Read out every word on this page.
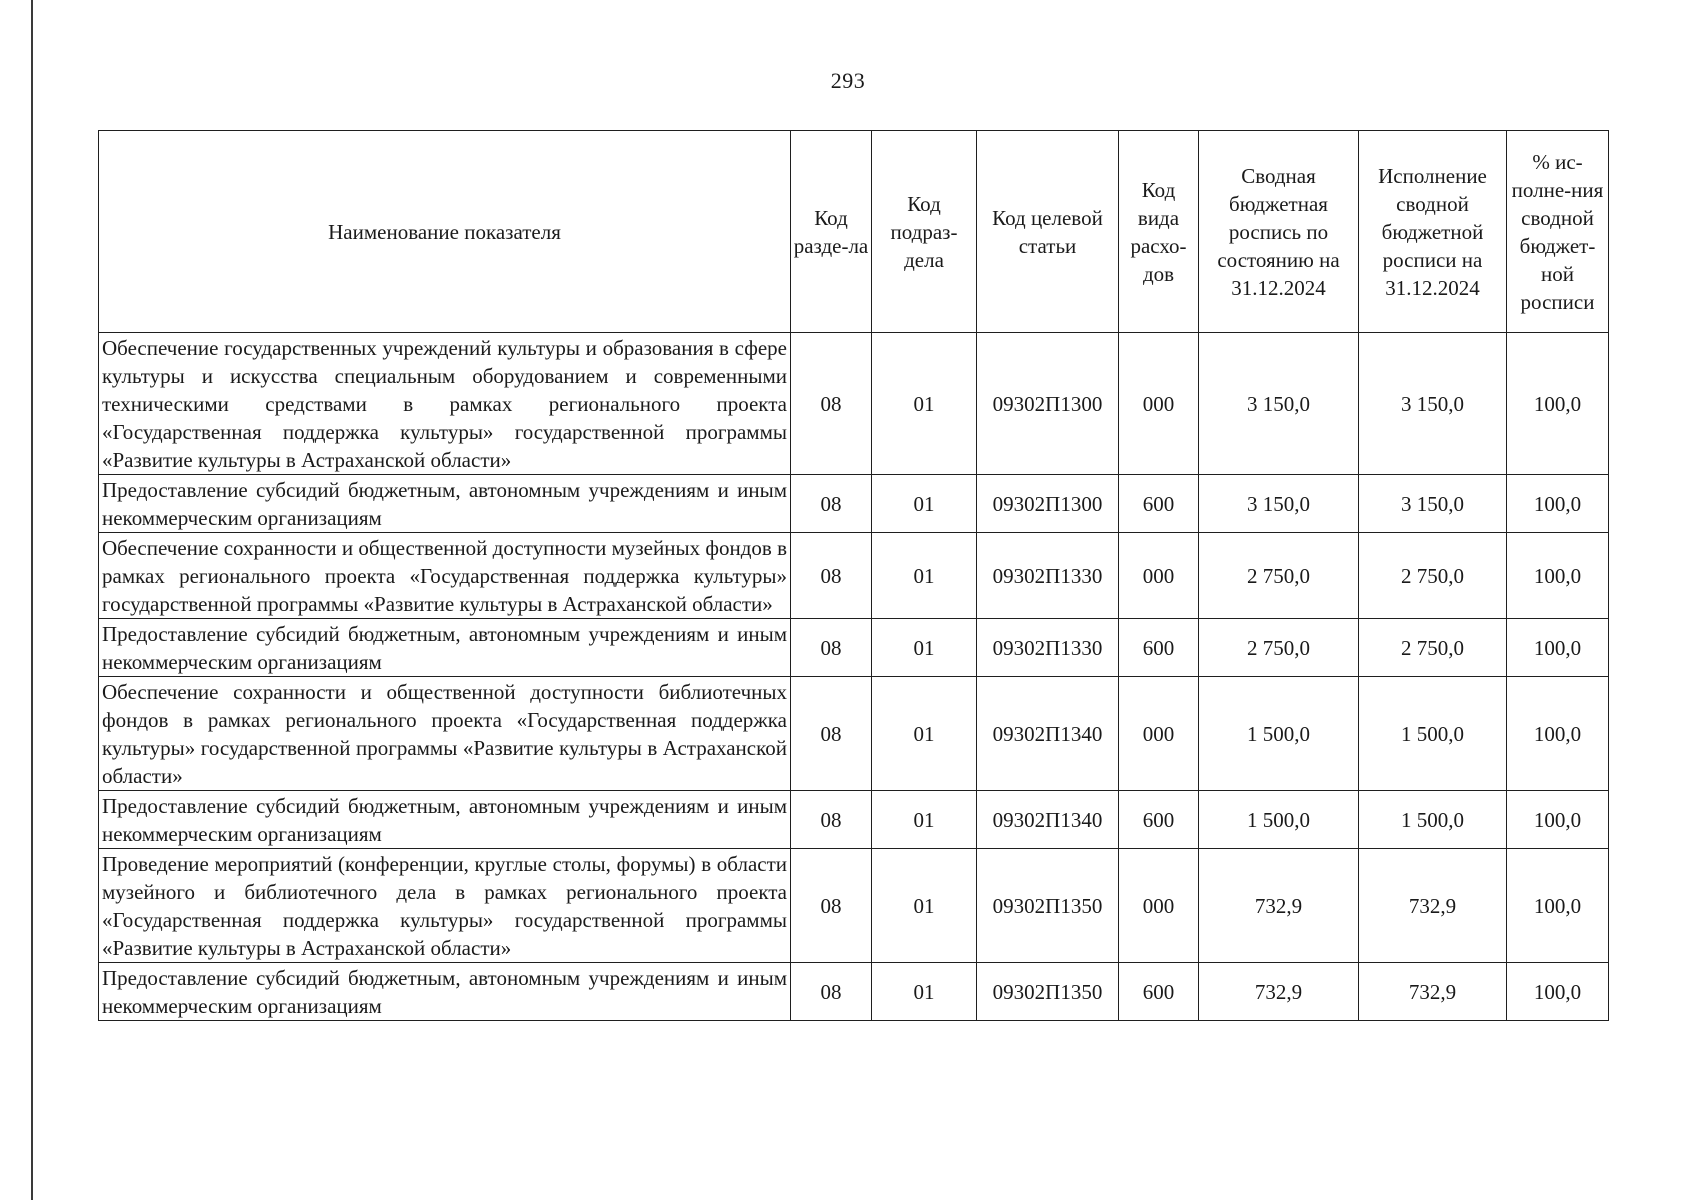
293
Наименование показателя	Код разде-ла	Код подраз-дела	Код целевой статьи	Код вида расхо-дов	Сводная бюджетная роспись по состоянию на 31.12.2024	Исполнение сводной бюджетной росписи на 31.12.2024	% ис-полне-ния сводной бюджет-ной росписи
Обеспечение государственных учреждений культуры и образования в сфере культуры и искусства специальным оборудованием и современными техническими средствами в рамках регионального проекта «Государственная поддержка культуры» государственной программы «Развитие культуры в Астраханской области»	08	01	09302П1300	000	3 150,0	3 150,0	100,0
Предоставление субсидий бюджетным, автономным учреждениям и иным некоммерческим организациям	08	01	09302П1300	600	3 150,0	3 150,0	100,0
Обеспечение сохранности и общественной доступности музейных фондов в рамках регионального проекта «Государственная поддержка культуры» государственной программы «Развитие культуры в Астраханской области»	08	01	09302П1330	000	2 750,0	2 750,0	100,0
Предоставление субсидий бюджетным, автономным учреждениям и иным некоммерческим организациям	08	01	09302П1330	600	2 750,0	2 750,0	100,0
Обеспечение сохранности и общественной доступности библиотечных фондов в рамках регионального проекта «Государственная поддержка культуры» государственной программы «Развитие культуры в Астраханской области»	08	01	09302П1340	000	1 500,0	1 500,0	100,0
Предоставление субсидий бюджетным, автономным учреждениям и иным некоммерческим организациям	08	01	09302П1340	600	1 500,0	1 500,0	100,0
Проведение мероприятий (конференции, круглые столы, форумы) в области музейного и библиотечного дела в рамках регионального проекта «Государственная поддержка культуры» государственной программы «Развитие культуры в Астраханской области»	08	01	09302П1350	000	732,9	732,9	100,0
Предоставление субсидий бюджетным, автономным учреждениям и иным некоммерческим организациям	08	01	09302П1350	600	732,9	732,9	100,0
